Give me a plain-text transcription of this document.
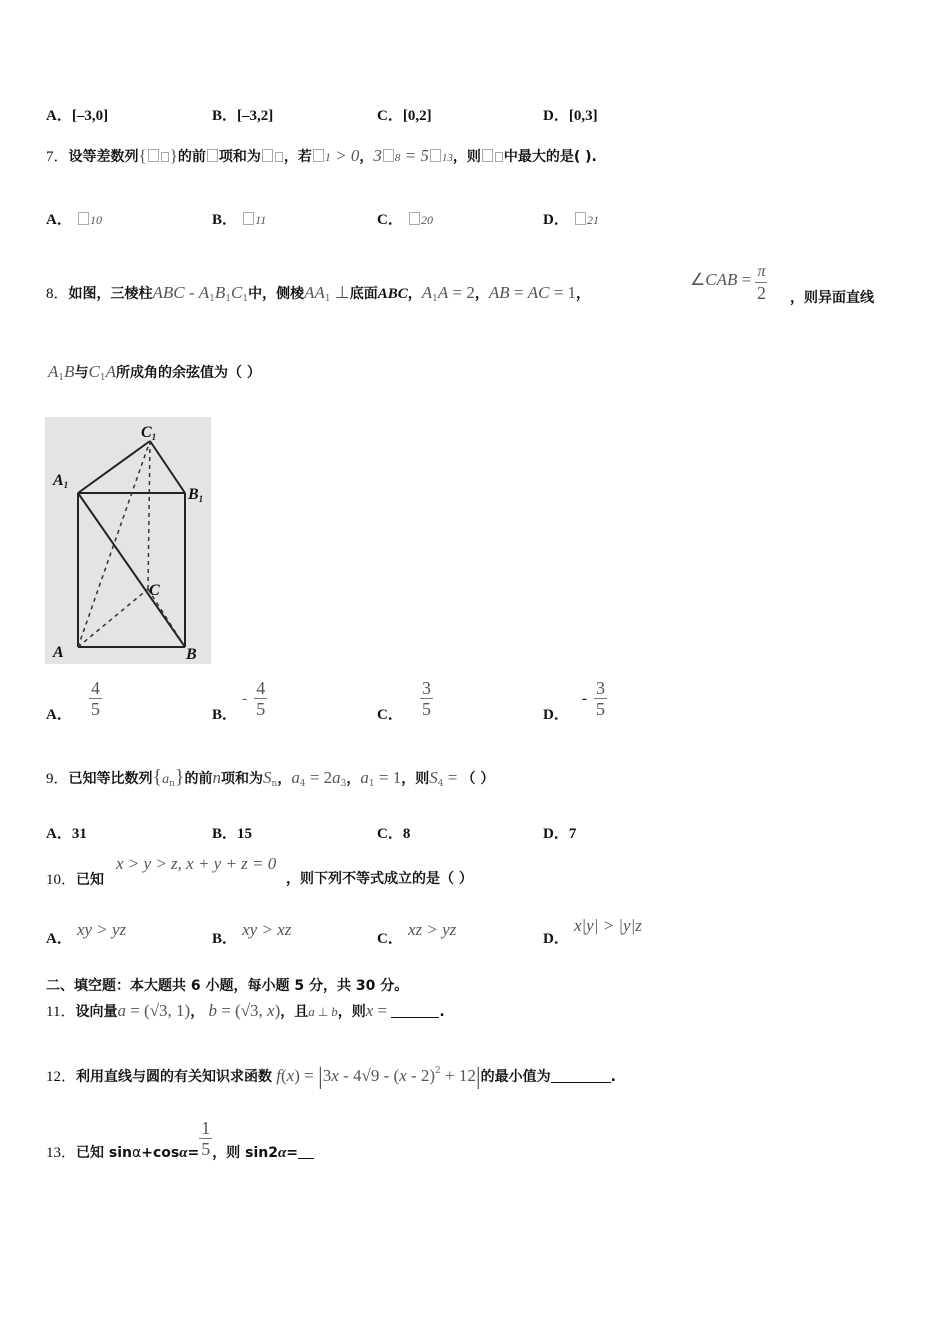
A．[–3,0]	B．[–3,2]	C．[0,2]	D．[0,3]
7．设等差数列{ }的前 项和为 ，若 1 > 0，3 8 = 5 13，则 中最大的是( ).
A． 10	B． 11	C． 20	D． 21
8．如图，三棱柱ABC - $A_1B_1C_1$中，侧棱$AA_1$ ⊥底面ABC，$A_1A = 2$，AB = AC = 1，
∠CAB = $\frac{\pi}{2}$ ，则异面直线
$A_1B$与$C_1A$所成角的余弦值为（ ）
C1
A1
B1
C
A	B
A． $\frac{4}{5}$	B． - $\frac{4}{5}$	C． $\frac{3}{5}$	D． - $\frac{3}{5}$
9．已知等比数列$\{a_n\}$的前n项和为$S_n$，$a_4 = 2a_3$，$a_1 = 1$，则$S_4$ = （ ）
A．31	B．15	C．8	D．7
10．已知
x > y > z, x + y + z = 0
，则下列不等式成立的是（ ）
A． xy > yz	B． xy > xz	C． xz > yz	D． x|y| > |y|z
二、填空题：本大题共 6 小题，每小题 5 分，共 30 分。
11．设向量a = (√3, 1)， b = (√3, x)，且a ⊥ b，则x =	.
12．利用直线与圆的有关知识求函数 f(x) = |3x - 4√9 - (x - 2)$^2$ + 12|的最小值为	.
13．已知 $\sin\alpha+\cos\alpha= \frac{1}{5}$ ，则 sin2α=
